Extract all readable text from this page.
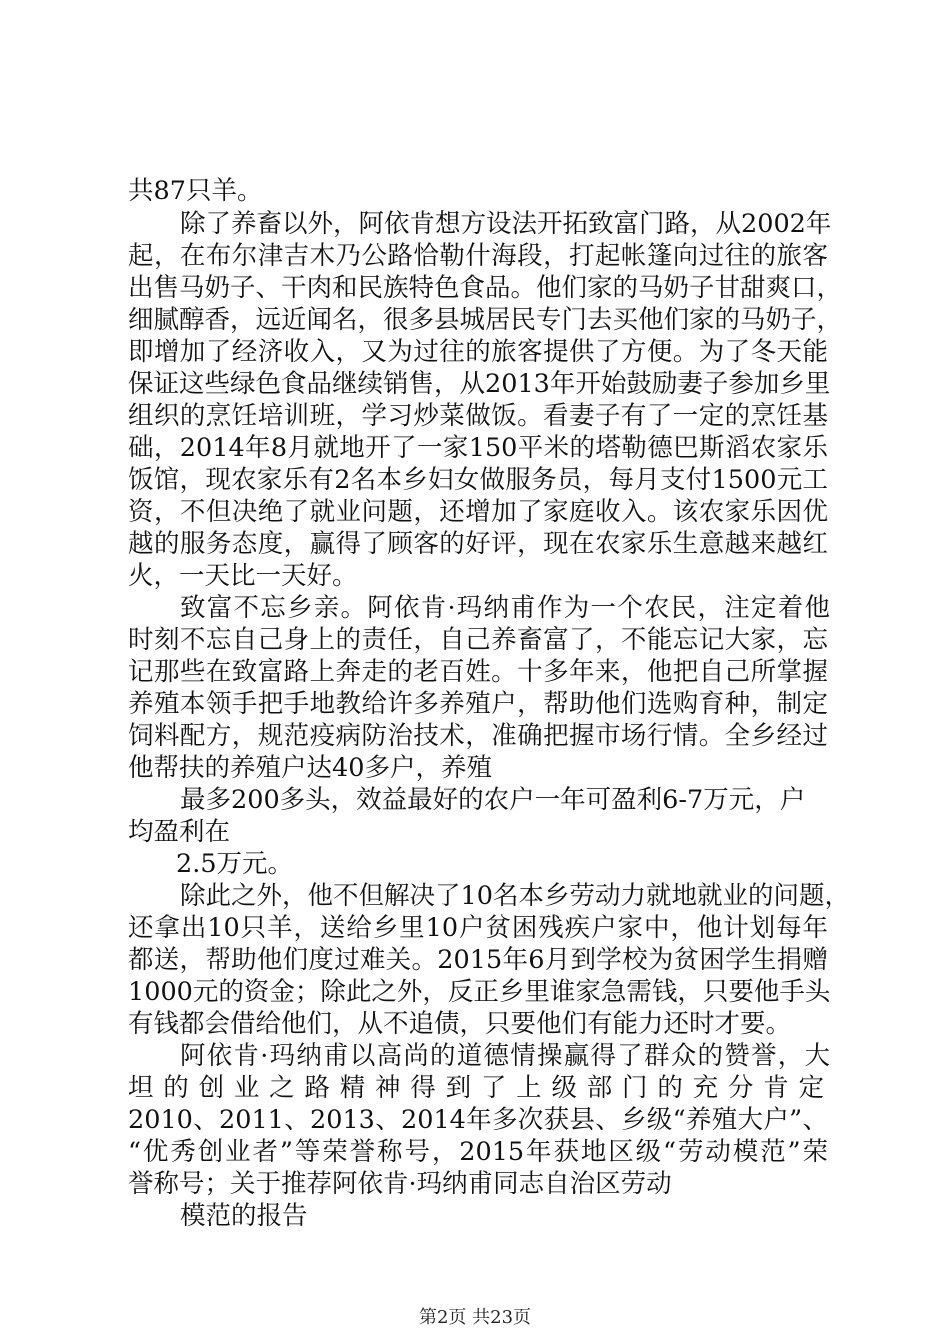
共87只羊。
除了养畜以外，阿依肯想方设法开拓致富门路，从2002年
起，在布尔津吉木乃公路恰勒什海段，打起帐篷向过往的旅客
出售马奶子、干肉和民族特色食品。他们家的马奶子甘甜爽口，
细腻醇香，远近闻名，很多县城居民专门去买他们家的马奶子，
即增加了经济收入，又为过往的旅客提供了方便。为了冬天能
保证这些绿色食品继续销售，从2013年开始鼓励妻子参加乡里
组织的烹饪培训班，学习炒菜做饭。看妻子有了一定的烹饪基
础，2014年8月就地开了一家150平米的塔勒德巴斯滔农家乐
饭馆，现农家乐有2名本乡妇女做服务员，每月支付1500元工
资，不但决绝了就业问题，还增加了家庭收入。该农家乐因优
越的服务态度，赢得了顾客的好评，现在农家乐生意越来越红
火，一天比一天好。
致富不忘乡亲。阿依肯·玛纳甫作为一个农民，注定着他
时刻不忘自己身上的责任，自己养畜富了，不能忘记大家，忘
记那些在致富路上奔走的老百姓。十多年来，他把自己所掌握
养殖本领手把手地教给许多养殖户，帮助他们选购育种，制定
饲料配方，规范疫病防治技术，准确把握市场行情。全乡经过
他帮扶的养殖户达40多户，养殖
最多200多头，效益最好的农户一年可盈利6-7万元，户
均盈利在
2.5万元。
除此之外，他不但解决了10名本乡劳动力就地就业的问题，
还拿出10只羊，送给乡里10户贫困残疾户家中，他计划每年
都送，帮助他们度过难关。2015年6月到学校为贫困学生捐赠
1000元的资金；除此之外，反正乡里谁家急需钱，只要他手头
有钱都会借给他们，从不追债，只要他们有能力还时才要。
阿依肯·玛纳甫以高尚的道德情操赢得了群众的赞誉，大
坦的创业之路精神得到了上级部门的充分肯定
2010、2011、2013、2014年多次获县、乡级“养殖大户”、
“优秀创业者”等荣誉称号，2015年获地区级“劳动模范”荣
誉称号；关于推荐阿依肯·玛纳甫同志自治区劳动
模范的报告
第2页 共23页
